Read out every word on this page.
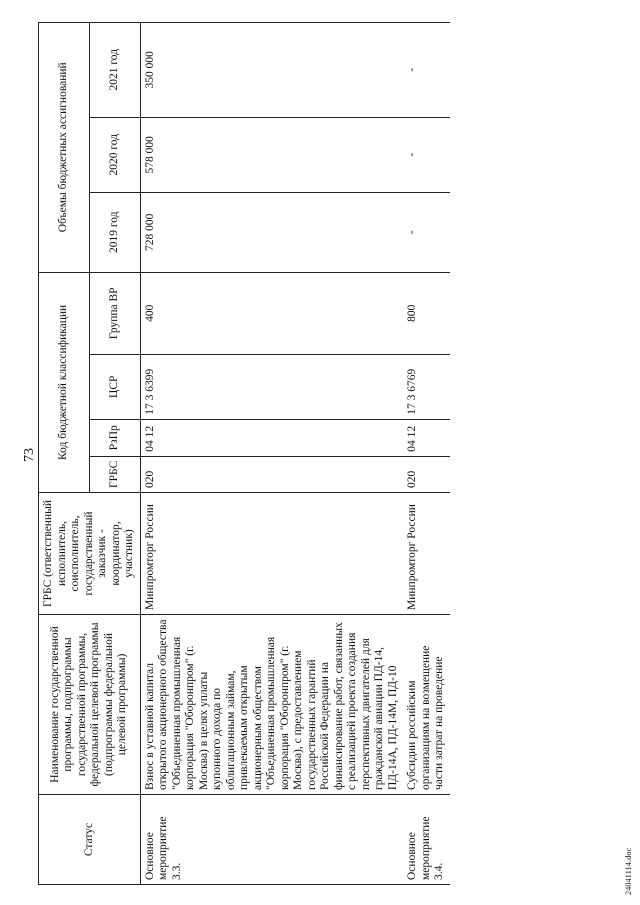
73
Статус	Наименование государственной программы, подпрограммы государственной программы, федеральной целевой программы (подпрограммы федеральной целевой программы)	ГРБС (ответственный исполнитель, соисполнитель, государственный заказчик - координатор, участник)	Код бюджетной классификации				Объемы бюджетных ассигнований		
			ГРБС	РзПр	ЦСР	Группа ВР	2019 год	2020 год	2021 год
Основное мероприятие 3.3.	Взнос в уставной капитал открытого акционерного общества "Объединенная промышленная корпорация "Оборонпром" (г. Москва) в целях уплаты купонного дохода по облигационным займам, привлекаемым открытым акционерным обществом "Объединенная промышленная корпорация "Оборонпром" (г. Москва), с предоставлением государственных гарантий Российской Федерации на финансирование работ, связанных с реализацией проекта создания перспективных двигателей для гражданской авиации ПД-14, ПД-14А, ПД-14М, ПД-10	Минпромторг России	020	04 12	17 3 6399	400	728 000	578 000	350 000
Основное мероприятие 3.4.	Субсидии российским организациям на возмещение части затрат на проведение	Минпромторг России	020	04 12	17 3 6769	800	-	-	-
24041114.doc
